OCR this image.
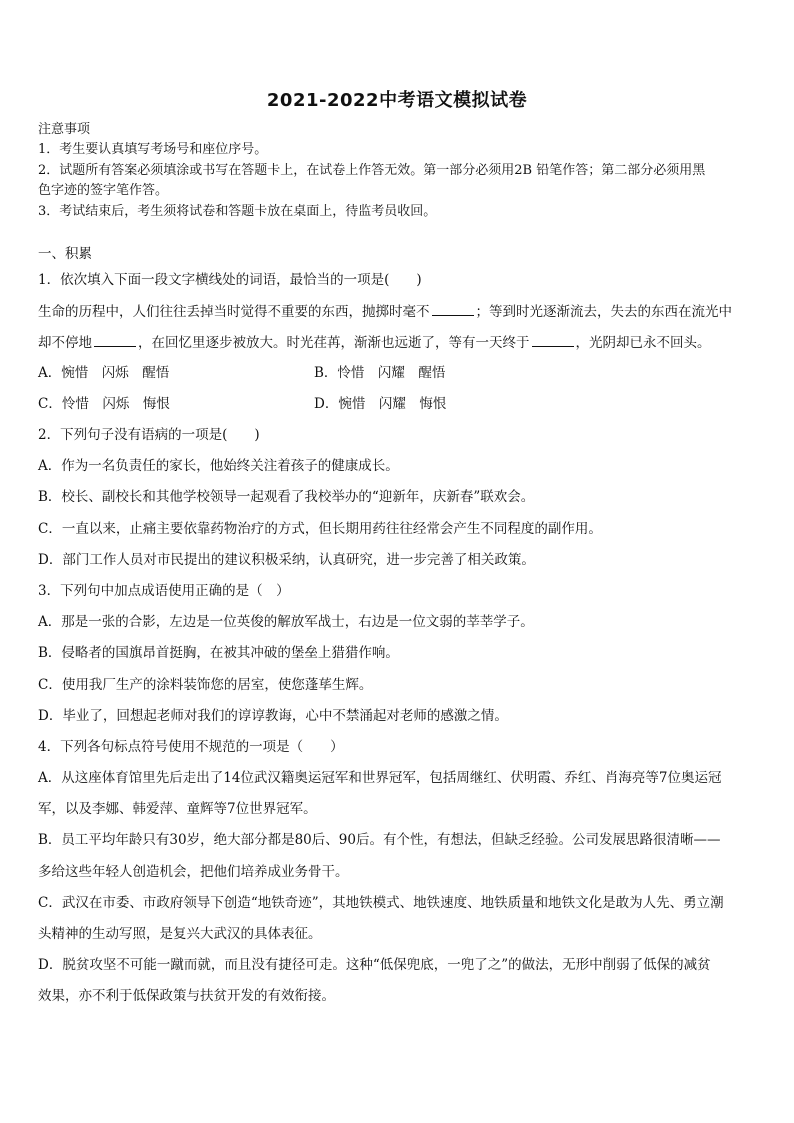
2021-2022中考语文模拟试卷
注意事项
1．考生要认真填写考场号和座位序号。
2．试题所有答案必须填涂或书写在答题卡上，在试卷上作答无效。第一部分必须用2B 铅笔作答；第二部分必须用黑
色字迹的签字笔作答。
3．考试结束后，考生须将试卷和答题卡放在桌面上，待监考员收回。
一、积累
1．依次填入下面一段文字横线处的词语，最恰当的一项是(　　)
生命的历程中，人们往往丢掉当时觉得不重要的东西，抛掷时毫不	；等到时光逐渐流去，失去的东西在流光中
却不停地	，在回忆里逐步被放大。时光荏苒，渐渐也远逝了，等有一天终于	，光阴却已永不回头。
A．惋惜　闪烁　醒悟	B．怜惜　闪耀　醒悟
C．怜惜　闪烁　悔恨	D．惋惜　闪耀　悔恨
2．下列句子没有语病的一项是(　　)
A．作为一名负责任的家长，他始终关注着孩子的健康成长。
B．校长、副校长和其他学校领导一起观看了我校举办的“迎新年，庆新春”联欢会。
C．一直以来，止痛主要依靠药物治疗的方式，但长期用药往往经常会产生不同程度的副作用。
D．部门工作人员对市民提出的建议积极采纳，认真研究，进一步完善了相关政策。
3．下列句中加点成语使用正确的是（　）
A．那是一张的合影，左边是一位英俊的解放军战士，右边是一位文弱的莘莘学子。
B．侵略者的国旗昂首挺胸，在被其冲破的堡垒上猎猎作响。
C．使用我厂生产的涂料装饰您的居室，使您蓬荜生辉。
D．毕业了，回想起老师对我们的谆谆教诲，心中不禁涌起对老师的感激之情。
4．下列各句标点符号使用不规范的一项是（　　）
A．从这座体育馆里先后走出了14位武汉籍奥运冠军和世界冠军，包括周继红、伏明霞、乔红、肖海亮等7位奥运冠
军，以及李娜、韩爱萍、童辉等7位世界冠军。
B．员工平均年龄只有30岁，绝大部分都是80后、90后。有个性，有想法，但缺乏经验。公司发展思路很清晰——
多给这些年轻人创造机会，把他们培养成业务骨干。
C．武汉在市委、市政府领导下创造“地铁奇迹”，其地铁模式、地铁速度、地铁质量和地铁文化是敢为人先、勇立潮
头精神的生动写照，是复兴大武汉的具体表征。
D．脱贫攻坚不可能一蹴而就，而且没有捷径可走。这种“低保兜底，一兜了之”的做法，无形中削弱了低保的减贫
效果，亦不利于低保政策与扶贫开发的有效衔接。
